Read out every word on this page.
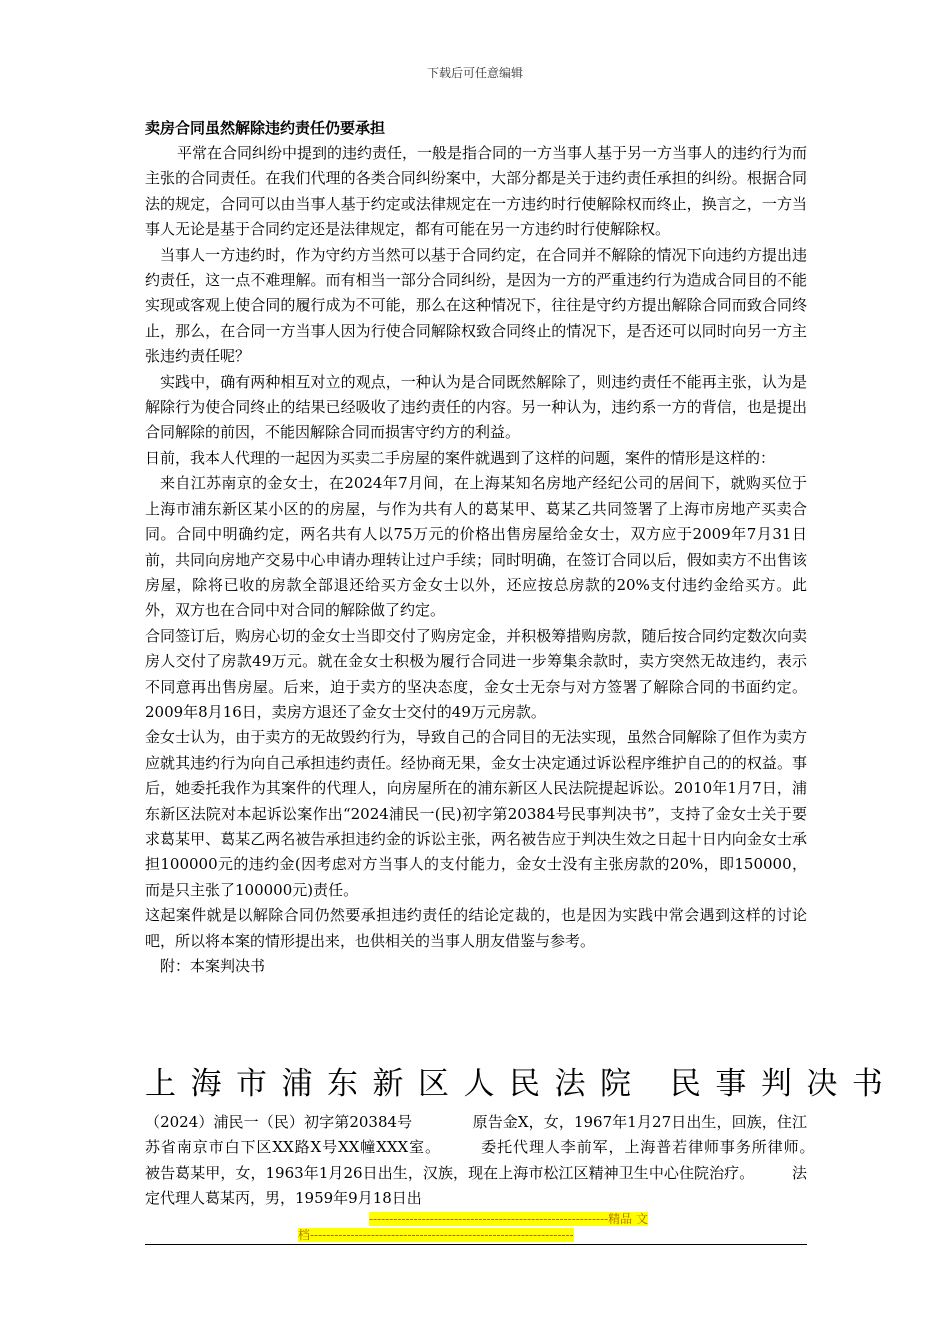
下载后可任意编辑

卖房合同虽然解除违约责任仍要承担

平常在合同纠纷中提到的违约责任，一般是指合同的一方当事人基于另一方当事人的违约行为而主张的合同责任。在我们代理的各类合同纠纷案中，大部分都是关于违约责任承担的纠纷。根据合同法的规定，合同可以由当事人基于约定或法律规定在一方违约时行使解除权而终止，换言之，一方当事人无论是基于合同约定还是法律规定，都有可能在另一方违约时行使解除权。

当事人一方违约时，作为守约方当然可以基于合同约定，在合同并不解除的情况下向违约方提出违约责任，这一点不难理解。而有相当一部分合同纠纷，是因为一方的严重违约行为造成合同目的不能实现或客观上使合同的履行成为不可能，那么在这种情况下，往往是守约方提出解除合同而致合同终止，那么，在合同一方当事人因为行使合同解除权致合同终止的情况下，是否还可以同时向另一方主张违约责任呢？

实践中，确有两种相互对立的观点，一种认为是合同既然解除了，则违约责任不能再主张，认为是解除行为使合同终止的结果已经吸收了违约责任的内容。另一种认为，违约系一方的背信，也是提出合同解除的前因，不能因解除合同而损害守约方的利益。

日前，我本人代理的一起因为买卖二手房屋的案件就遇到了这样的问题，案件的情形是这样的：

来自江苏南京的金女士，在2024年7月间，在上海某知名房地产经纪公司的居间下，就购买位于上海市浦东新区某小区的的房屋，与作为共有人的葛某甲、葛某乙共同签署了上海市房地产买卖合同。合同中明确约定，两名共有人以75万元的价格出售房屋给金女士，双方应于2009年7月31日前，共同向房地产交易中心申请办理转让过户手续；同时明确，在签订合同以后，假如卖方不出售该房屋，除将已收的房款全部退还给买方金女士以外，还应按总房款的20%支付违约金给买方。此外，双方也在合同中对合同的解除做了约定。

合同签订后，购房心切的金女士当即交付了购房定金，并积极筹措购房款，随后按合同约定数次向卖房人交付了房款49万元。就在金女士积极为履行合同进一步筹集余款时，卖方突然无故违约，表示不同意再出售房屋。后来，迫于卖方的坚决态度，金女士无奈与对方签署了解除合同的书面约定。2009年8月16日，卖房方退还了金女士交付的49万元房款。

金女士认为，由于卖方的无故毁约行为，导致自己的合同目的无法实现，虽然合同解除了但作为卖方应就其违约行为向自己承担违约责任。经协商无果，金女士决定通过诉讼程序维护自己的的权益。事后，她委托我作为其案件的代理人，向房屋所在的浦东新区人民法院提起诉讼。2010年1月7日，浦东新区法院对本起诉讼案作出“2024浦民一(民)初字第20384号民事判决书”，支持了金女士关于要求葛某甲、葛某乙两名被告承担违约金的诉讼主张，两名被告应于判决生效之日起十日内向金女士承担100000元的违约金(因考虑对方当事人的支付能力，金女士没有主张房款的20%，即150000，而是只主张了100000元)责任。

这起案件就是以解除合同仍然要承担违约责任的结论定裁的，也是因为实践中常会遇到这样的讨论吧，所以将本案的情形提出来，也供相关的当事人朋友借鉴与参考。

附：本案判决书

上海市浦东新区人民法院 民事判决书
（2024）浦民一（民）初字第20384号　　　　原告金X，女，1967年1月27日出生，回族，住江苏省南京市白下区XX路X号XX幢XXX室。　　　委托代理人李前军，上海普若律师事务所律师。　　　被告葛某甲，女，1963年1月26日出生，汉族，现在上海市松江区精神卫生中心住院治疗。　　　法定代理人葛某丙，男，1959年9月18日出
-----------------------------------------------------------精品 文
档-----------------------------------------------------------------
